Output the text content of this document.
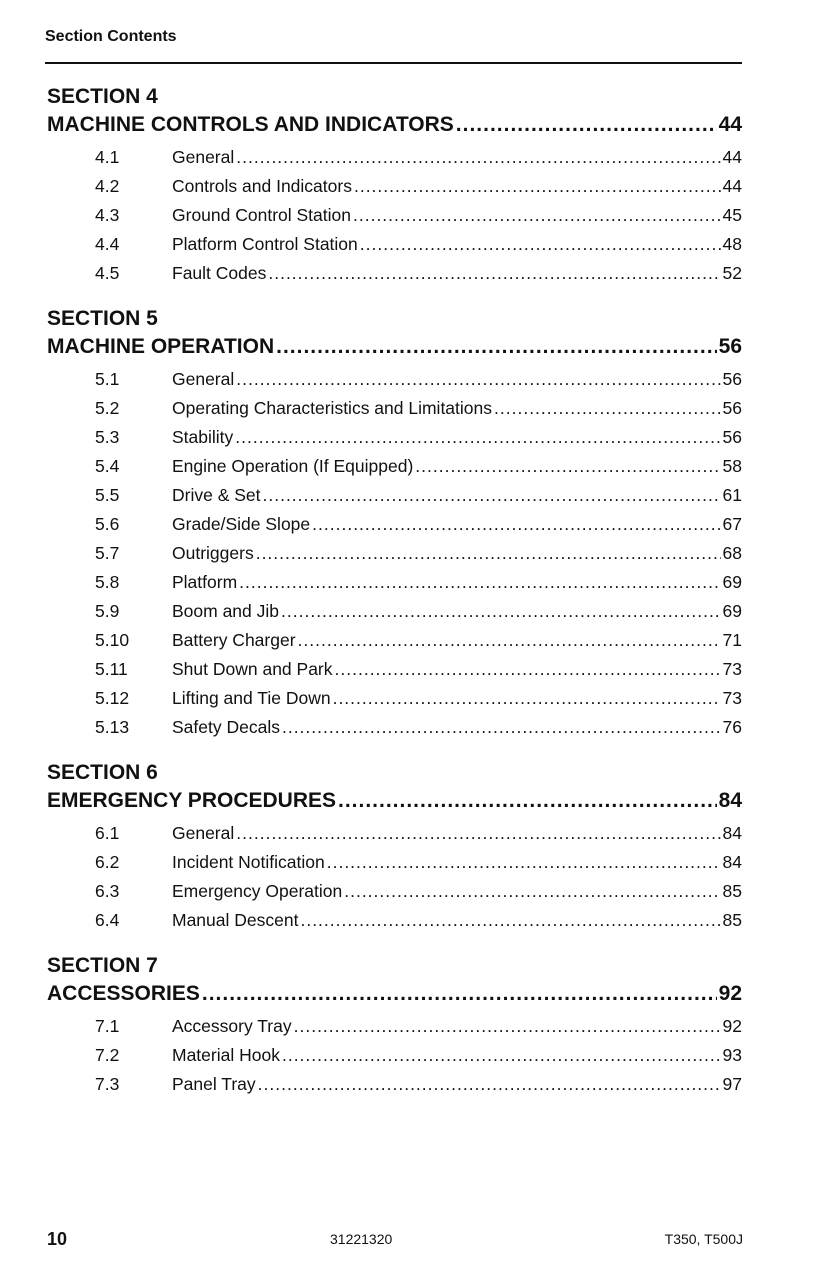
Section Contents
SECTION 4
MACHINE CONTROLS AND INDICATORS .....	44
4.1	General .....	44
4.2	Controls and Indicators .....	44
4.3	Ground Control Station .....	45
4.4	Platform Control Station .....	48
4.5	Fault Codes .....	52
SECTION 5
MACHINE OPERATION .....	56
5.1	General .....	56
5.2	Operating Characteristics and Limitations .....	56
5.3	Stability .....	56
5.4	Engine Operation (If Equipped) .....	58
5.5	Drive & Set .....	61
5.6	Grade/Side Slope .....	67
5.7	Outriggers .....	68
5.8	Platform .....	69
5.9	Boom and Jib .....	69
5.10	Battery Charger .....	71
5.11	Shut Down and Park .....	73
5.12	Lifting and Tie Down .....	73
5.13	Safety Decals .....	76
SECTION 6
EMERGENCY PROCEDURES .....	84
6.1	General .....	84
6.2	Incident Notification .....	84
6.3	Emergency Operation .....	85
6.4	Manual Descent .....	85
SECTION 7
ACCESSORIES .....	92
7.1	Accessory Tray .....	92
7.2	Material Hook .....	93
7.3	Panel Tray .....	97
10	31221320	T350, T500J
